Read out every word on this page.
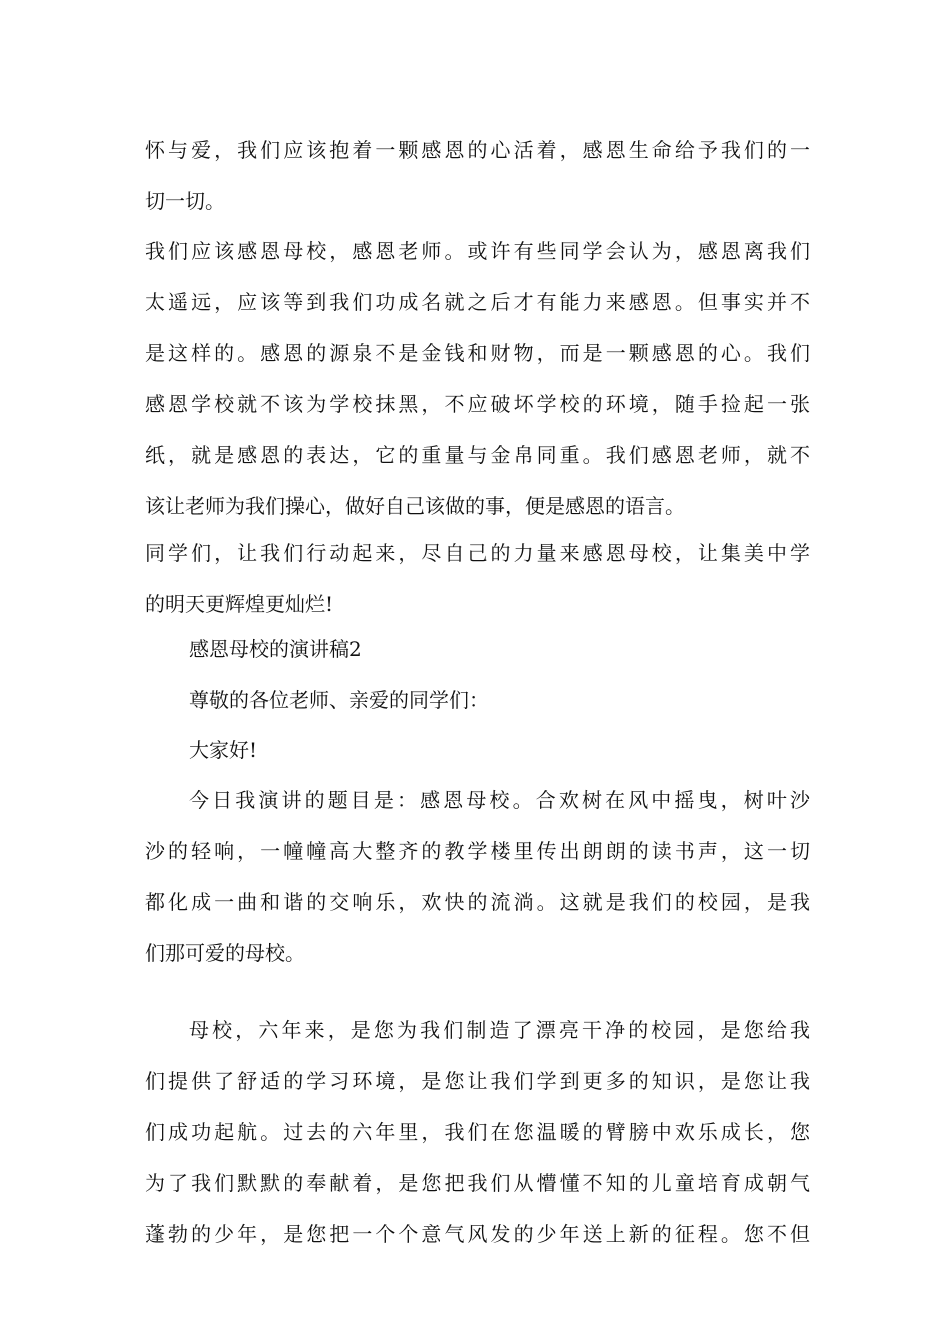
怀与爱，我们应该抱着一颗感恩的心活着，感恩生命给予我们的一
切一切。
我们应该感恩母校，感恩老师。或许有些同学会认为，感恩离我们
太遥远，应该等到我们功成名就之后才有能力来感恩。但事实并不
是这样的。感恩的源泉不是金钱和财物，而是一颗感恩的心。我们
感恩学校就不该为学校抹黑，不应破坏学校的环境，随手捡起一张
纸，就是感恩的表达，它的重量与金帛同重。我们感恩老师，就不
该让老师为我们操心，做好自己该做的事，便是感恩的语言。
同学们，让我们行动起来，尽自己的力量来感恩母校，让集美中学
的明天更辉煌更灿烂!
感恩母校的演讲稿2
尊敬的各位老师、亲爱的同学们：
大家好!
今日我演讲的题目是：感恩母校。合欢树在风中摇曳，树叶沙
沙的轻响，一幢幢高大整齐的教学楼里传出朗朗的读书声，这一切
都化成一曲和谐的交响乐，欢快的流淌。这就是我们的校园，是我
们那可爱的母校。
母校，六年来，是您为我们制造了漂亮干净的校园，是您给我
们提供了舒适的学习环境，是您让我们学到更多的知识，是您让我
们成功起航。过去的六年里，我们在您温暖的臂膀中欢乐成长，您
为了我们默默的奉献着，是您把我们从懵懂不知的儿童培育成朝气
蓬勃的少年，是您把一个个意气风发的少年送上新的征程。您不但
